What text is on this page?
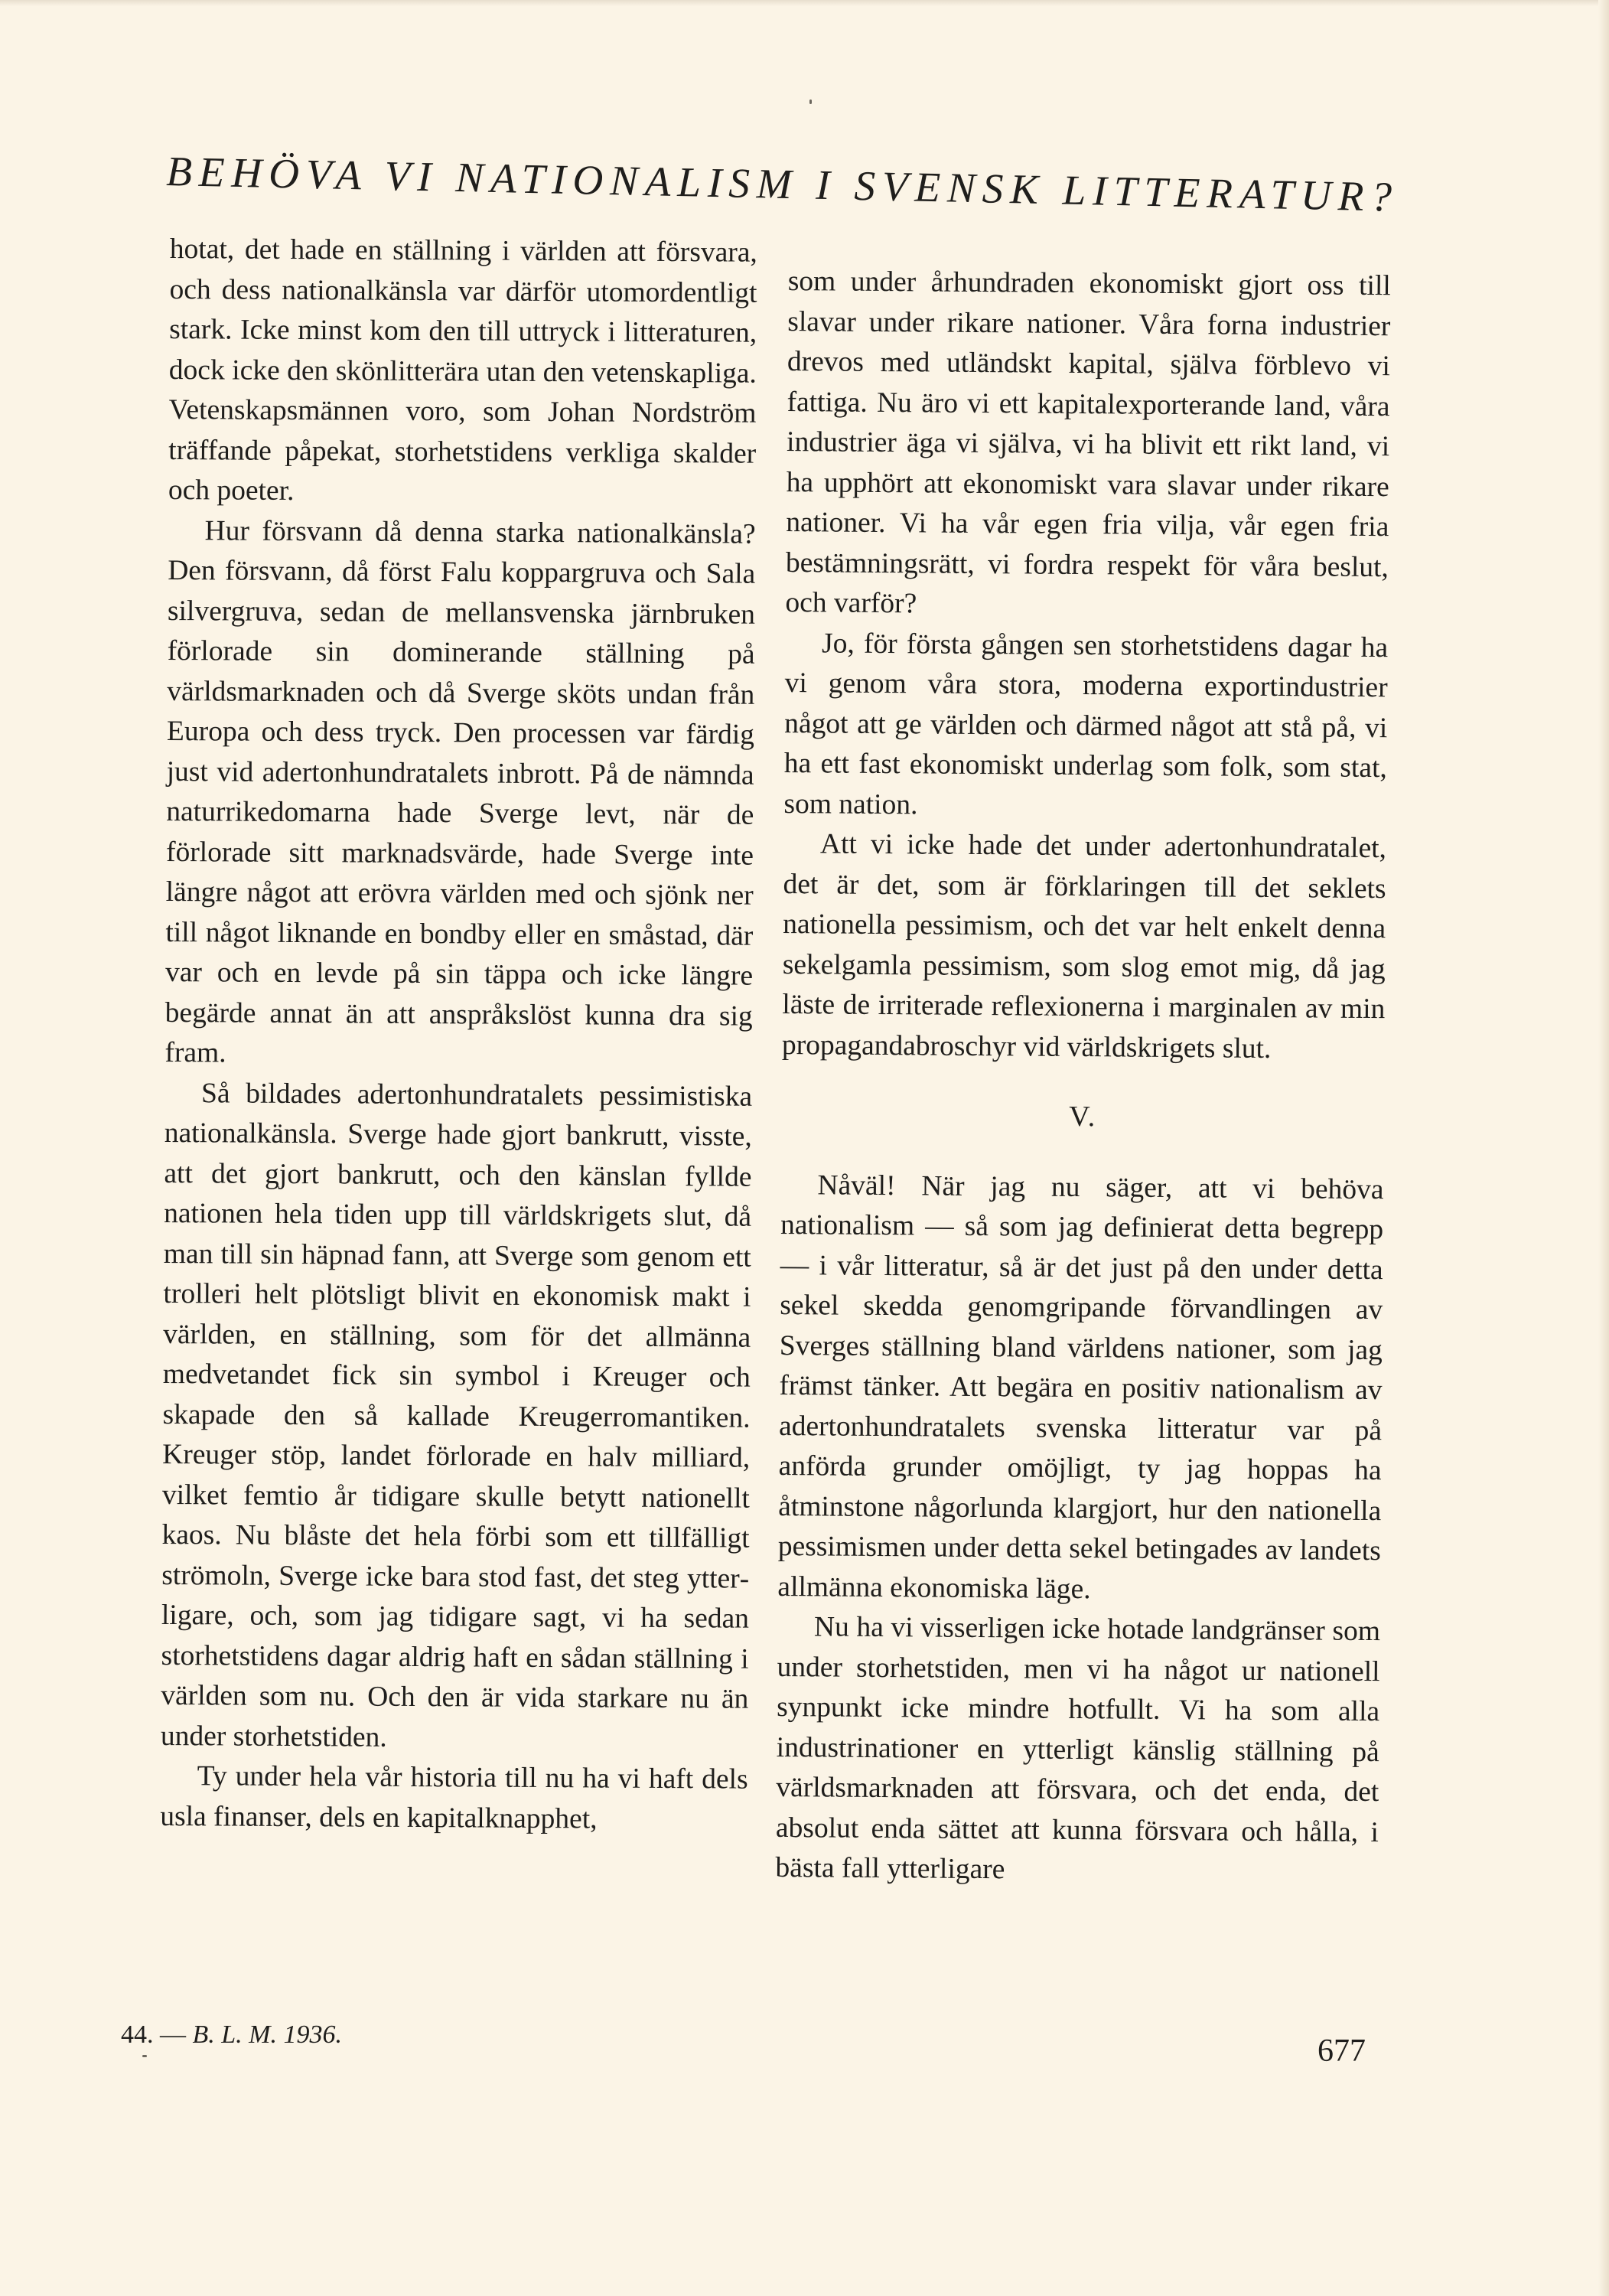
BEHÖVA VI NATIONALISM I SVENSK LITTERATUR?

hotat, det hade en ställning i världen att försvara, och dess nationalkänsla var därför utomordentligt stark. Icke minst kom den till uttryck i litteraturen, dock icke den skönlitterära utan den vetenskapliga. Vetenskapsmännen voro, som Johan Nordström träffande påpekat, storhetstidens verkliga skalder och poeter.

Hur försvann då denna starka nationalkänsla? Den försvann, då först Falu koppargruva och Sala silvergruva, sedan de mellansvenska järnbruken förlorade sin dominerande ställning på världsmarknaden och då Sverge sköts undan från Europa och dess tryck. Den processen var färdig just vid adertonhundratalets inbrott. På de nämnda naturrikedomarna hade Sverge levt, när de förlorade sitt marknadsvärde, hade Sverge inte längre något att erövra världen med och sjönk ner till något liknande en bondby eller en småstad, där var och en levde på sin täppa och icke längre begärde annat än att anspråkslöst kunna dra sig fram.

Så bildades adertonhundratalets pessimistiska nationalkänsla. Sverge hade gjort bankrutt, visste, att det gjort bankrutt, och den känslan fyllde nationen hela tiden upp till världskrigets slut, då man till sin häpnad fann, att Sverge som genom ett trolleri helt plötsligt blivit en ekonomisk makt i världen, en ställning, som för det allmänna medvetandet fick sin symbol i Kreuger och skapade den så kallade Kreugerromantiken. Kreuger stöp, landet förlorade en halv milliard, vilket femtio år tidigare skulle betytt nationellt kaos. Nu blåste det hela förbi som ett tillfälligt strömoln, Sverge icke bara stod fast, det steg ytterligare, och, som jag tidigare sagt, vi ha sedan storhetstidens dagar aldrig haft en sådan ställning i världen som nu. Och den är vida starkare nu än under storhetstiden.

Ty under hela vår historia till nu ha vi haft dels usla finanser, dels en kapitalknapphet,

som under århundraden ekonomiskt gjort oss till slavar under rikare nationer. Våra forna industrier drevos med utländskt kapital, själva förblevo vi fattiga. Nu äro vi ett kapitalexporterande land, våra industrier äga vi själva, vi ha blivit ett rikt land, vi ha upphört att ekonomiskt vara slavar under rikare nationer. Vi ha vår egen fria vilja, vår egen fria bestämningsrätt, vi fordra respekt för våra beslut, och varför?

Jo, för första gången sen storhetstidens dagar ha vi genom våra stora, moderna exportindustrier något att ge världen och därmed något att stå på, vi ha ett fast ekonomiskt underlag som folk, som stat, som nation.

Att vi icke hade det under adertonhundratalet, det är det, som är förklaringen till det seklets nationella pessimism, och det var helt enkelt denna sekelgamla pessimism, som slog emot mig, då jag läste de irriterade reflexionerna i marginalen av min propagandabroschyr vid världskrigets slut.

V.

Nåväl! När jag nu säger, att vi behöva nationalism — så som jag definierat detta begrepp — i vår litteratur, så är det just på den under detta sekel skedda genomgripande förvandlingen av Sverges ställning bland världens nationer, som jag främst tänker. Att begära en positiv nationalism av adertonhundratalets svenska litteratur var på anförda grunder omöjligt, ty jag hoppas ha åtminstone någorlunda klargjort, hur den nationella pessimismen under detta sekel betingades av landets allmänna ekonomiska läge.

Nu ha vi visserligen icke hotade landgränser som under storhetstiden, men vi ha något ur nationell synpunkt icke mindre hotfullt. Vi ha som alla industrinationer en ytterligt känslig ställning på världsmarknaden att försvara, och det enda, det absolut enda sättet att kunna försvara och hålla, i bästa fall ytterligare

44. — B. L. M. 1936.	677
